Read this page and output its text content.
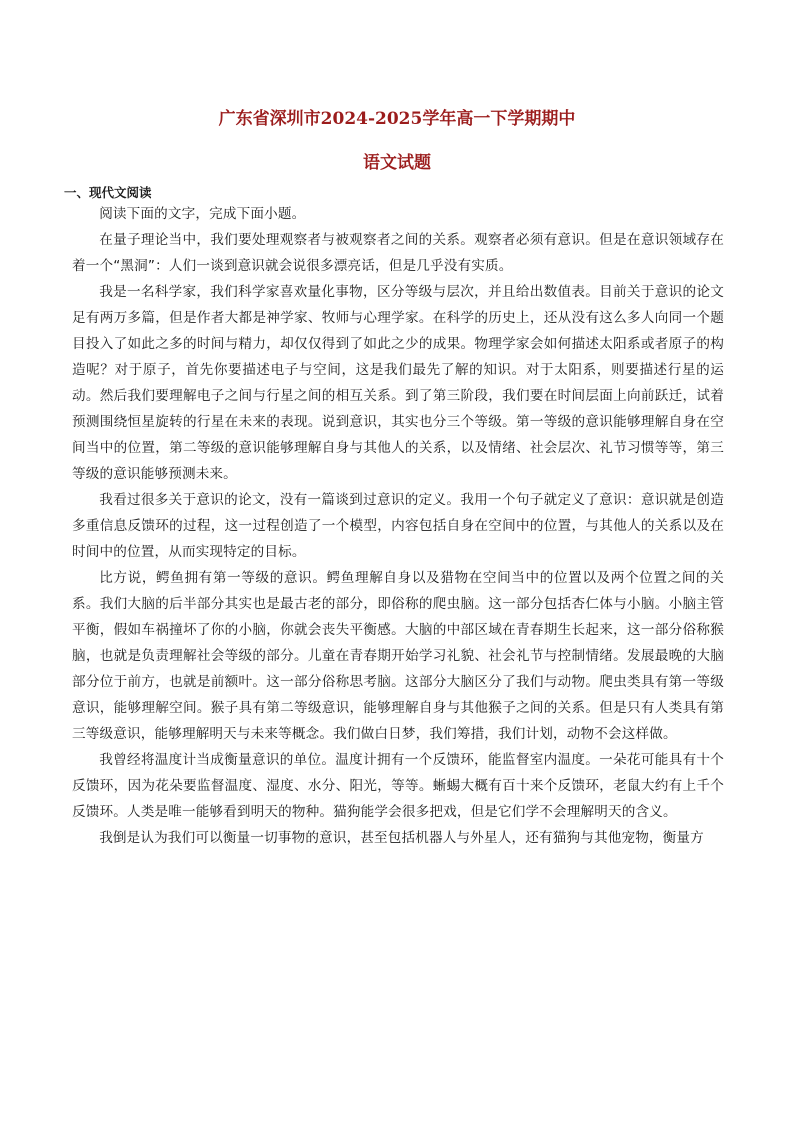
广东省深圳市2024-2025学年高一下学期期中
语文试题
一、现代文阅读

阅读下面的文字，完成下面小题。

在量子理论当中，我们要处理观察者与被观察者之间的关系。观察者必须有意识。但是在意识领域存在着一个“黑洞”：人们一谈到意识就会说很多漂亮话，但是几乎没有实质。

我是一名科学家，我们科学家喜欢量化事物，区分等级与层次，并且给出数值表。目前关于意识的论文足有两万多篇，但是作者大都是神学家、牧师与心理学家。在科学的历史上，还从没有这么多人向同一个题目投入了如此之多的时间与精力，却仅仅得到了如此之少的成果。物理学家会如何描述太阳系或者原子的构造呢？对于原子，首先你要描述电子与空间，这是我们最先了解的知识。对于太阳系，则要描述行星的运动。然后我们要理解电子之间与行星之间的相互关系。到了第三阶段，我们要在时间层面上向前跃迁，试着预测围绕恒星旋转的行星在未来的表现。说到意识，其实也分三个等级。第一等级的意识能够理解自身在空间当中的位置，第二等级的意识能够理解自身与其他人的关系，以及情绪、社会层次、礼节习惯等等，第三等级的意识能够预测未来。

我看过很多关于意识的论文，没有一篇谈到过意识的定义。我用一个句子就定义了意识：意识就是创造多重信息反馈环的过程，这一过程创造了一个模型，内容包括自身在空间中的位置，与其他人的关系以及在时间中的位置，从而实现特定的目标。

比方说，鳄鱼拥有第一等级的意识。鳄鱼理解自身以及猎物在空间当中的位置以及两个位置之间的关系。我们大脑的后半部分其实也是最古老的部分，即俗称的爬虫脑。这一部分包括杏仁体与小脑。小脑主管平衡，假如车祸撞坏了你的小脑，你就会丧失平衡感。大脑的中部区域在青春期生长起来，这一部分俗称猴脑，也就是负责理解社会等级的部分。儿童在青春期开始学习礼貌、社会礼节与控制情绪。发展最晚的大脑部分位于前方，也就是前额叶。这一部分俗称思考脑。这部分大脑区分了我们与动物。爬虫类具有第一等级意识，能够理解空间。猴子具有第二等级意识，能够理解自身与其他猴子之间的关系。但是只有人类具有第三等级意识，能够理解明天与未来等概念。我们做白日梦，我们筹措，我们计划，动物不会这样做。

我曾经将温度计当成衡量意识的单位。温度计拥有一个反馈环，能监督室内温度。一朵花可能具有十个反馈环，因为花朵要监督温度、湿度、水分、阳光，等等。蜥蜴大概有百十来个反馈环，老鼠大约有上千个反馈环。人类是唯一能够看到明天的物种。猫狗能学会很多把戏，但是它们学不会理解明天的含义。

我倒是认为我们可以衡量一切事物的意识，甚至包括机器人与外星人，还有猫狗与其他宠物，衡量方
